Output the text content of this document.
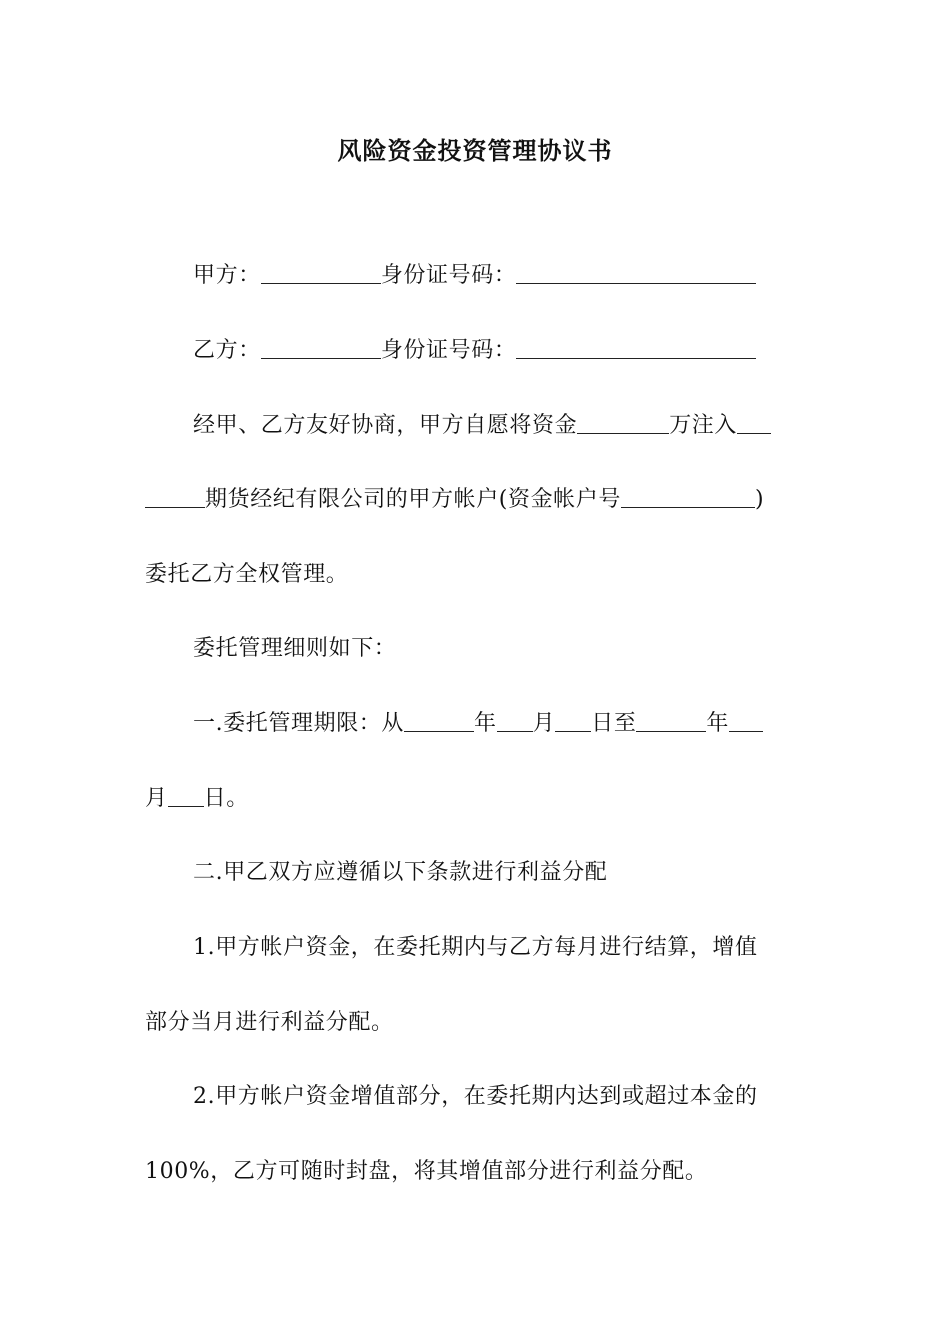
风险资金投资管理协议书
甲方：	身份证号码：
乙方：	身份证号码：
经甲、乙方友好协商，甲方自愿将资金	万注入
期货经纪有限公司的甲方帐户(资金帐户号	)
委托乙方全权管理。
委托管理细则如下：
一.委托管理期限：从	年 月 日至	年
月 日。
二.甲乙双方应遵循以下条款进行利益分配
1.甲方帐户资金，在委托期内与乙方每月进行结算，增值
部分当月进行利益分配。
2.甲方帐户资金增值部分，在委托期内达到或超过本金的
100%，乙方可随时封盘，将其增值部分进行利益分配。
